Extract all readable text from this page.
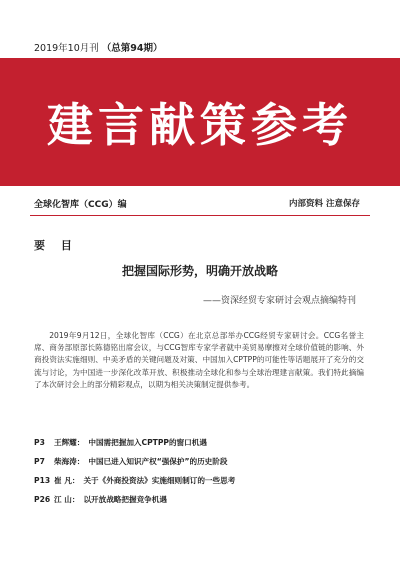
2019年10月刊 （总第94期）
建言献策参考
全球化智库（CCG）编	内部资料 注意保存
要 目
把握国际形势，明确开放战略
——资深经贸专家研讨会观点摘编特刊

2019年9月12日，全球化智库（CCG）在北京总部举办CCG经贸专家研讨会。CCG名誉主席、商务部原部长陈德铭出席会议，与CCG智库专家学者就中美贸易摩擦对全球价值链的影响、外商投资法实施细则、中美矛盾的关键问题及对策、中国加入CPTPP的可能性等话题展开了充分的交流与讨论，为中国进一步深化改革开放、积极推动全球化和参与全球治理建言献策。我们特此摘编了本次研讨会上的部分精彩观点，以期为相关决策制定提供参考。

P3 王辉耀： 中国需把握加入CPTPP的窗口机遇
P7 柴海涛： 中国已进入知识产权“强保护”的历史阶段
P13 崔 凡： 关于《外商投资法》实施细则制订的一些思考
P26 江 山： 以开放战略把握竞争机遇
